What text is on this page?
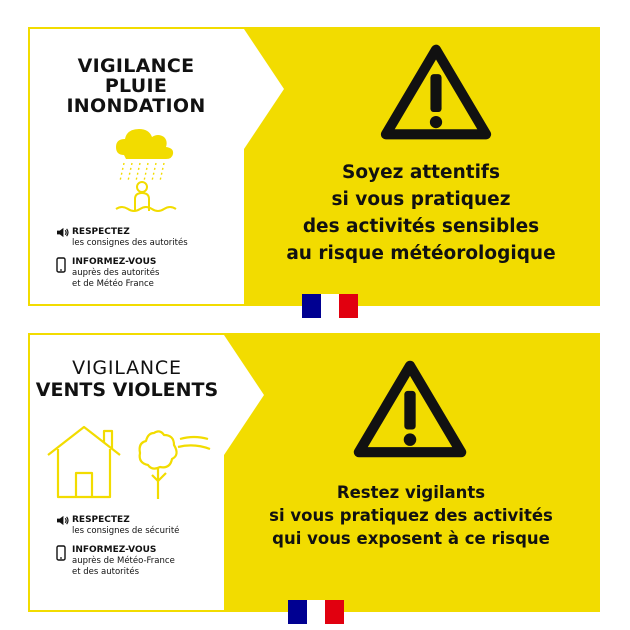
VIGILANCE
PLUIE
INONDATION
RESPECTEZ
les consignes des autorités
INFORMEZ-VOUS
auprès des autorités
et de Météo France
Soyez attentifs
si vous pratiquez
des activités sensibles
au risque météorologique
VIGILANCE
VENTS VIOLENTS
RESPECTEZ
les consignes de sécurité
INFORMEZ-VOUS
auprès de Météo-France
et des autorités
Restez vigilants
si vous pratiquez des activités
qui vous exposent à ce risque
